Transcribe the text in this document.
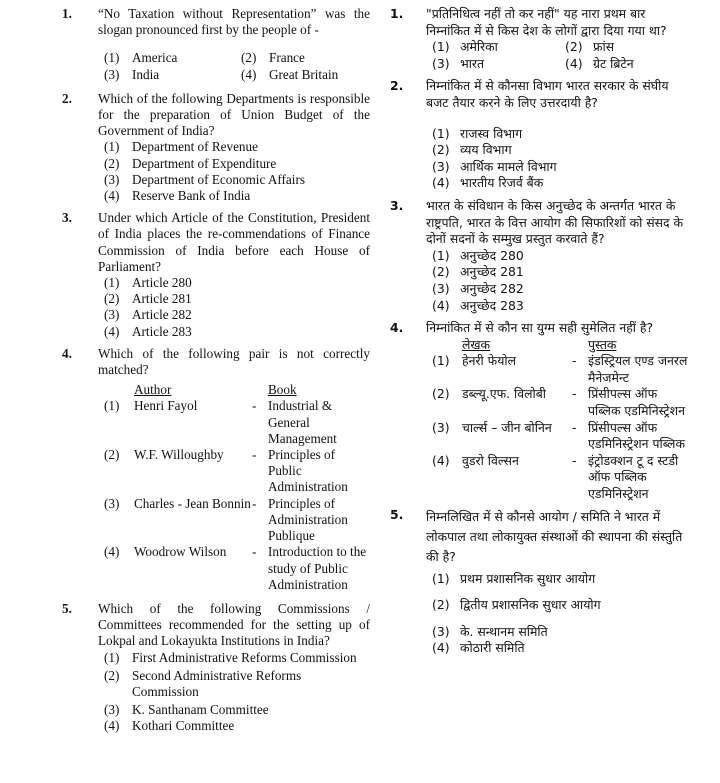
1. “No Taxation without Representation” was the slogan pronounced first by the people of -
(1) America	(2) France
(3) India	(4) Great Britain
2. Which of the following Departments is responsible for the preparation of Union Budget of the Government of India?
(1) Department of Revenue
(2) Department of Expenditure
(3) Department of Economic Affairs
(4) Reserve Bank of India
3. Under which Article of the Constitution, President of India places the re-commendations of Finance Commission of India before each House of Parliament?
(1) Article 280
(2) Article 281
(3) Article 282
(4) Article 283
4. Which of the following pair is not correctly matched?
	Author		Book
(1)	Henri Fayol	-	Industrial & General Management
(2)	W.F. Willoughby	-	Principles of Public Administration
(3)	Charles - Jean Bonnin	-	Principles of Administration Publique
(4)	Woodrow Wilson	-	Introduction to the study of Public Administration
5. Which of the following Commissions / Committees recommended for the setting up of Lokpal and Lokayukta Institutions in India?
(1) First Administrative Reforms Commission
(2) Second Administrative Reforms Commission
(3) K. Santhanam Committee
(4) Kothari Committee
1. "प्रतिनिधित्व नहीं तो कर नहीं" यह नारा प्रथम बार निम्नांकित में से किस देश के लोगों द्वारा दिया गया था?
(1) अमेरिका	(2) फ्रांस
(3) भारत	(4) ग्रेट ब्रिटेन
2. निम्नांकित में से कौनसा विभाग भारत सरकार के संघीय बजट तैयार करने के लिए उत्तरदायी है?
(1) राजस्व विभाग
(2) व्यय विभाग
(3) आर्थिक मामले विभाग
(4) भारतीय रिजर्व बैंक
3. भारत के संविधान के किस अनुच्छेद के अन्तर्गत भारत के राष्ट्रपति, भारत के वित्त आयोग की सिफारिशों को संसद के दोनों सदनों के सम्मुख प्रस्तुत करवाते हैं?
(1) अनुच्छेद 280
(2) अनुच्छेद 281
(3) अनुच्छेद 282
(4) अनुच्छेद 283
4. निम्नांकित में से कौन सा युग्म सही सुमेलित नहीं है?
	लेखक		पुस्तक
(1)	हेनरी फेयोल	-	इंडस्ट्रियल एण्ड जनरल मैनेजमेन्ट
(2)	डब्ल्यू.एफ. विलोबी	-	प्रिंसीपल्स ऑफ पब्लिक एडमिनिस्ट्रेशन
(3)	चार्ल्स – जीन बोनिन	-	प्रिंसीपल्स ऑफ एडमिनिस्ट्रेशन पब्लिक
(4)	वुडरो विल्सन	-	इंट्रोडक्शन टू द स्टडी ऑफ पब्लिक एडमिनिस्ट्रेशन
5. निम्नलिखित में से कौनसे आयोग / समिति ने भारत में लोकपाल तथा लोकायुक्त संस्थाओं की स्थापना की संस्तुति की है?
(1) प्रथम प्रशासनिक सुधार आयोग
(2) द्वितीय प्रशासनिक सुधार आयोग
(3) के. सन्थानम समिति
(4) कोठारी समिति
